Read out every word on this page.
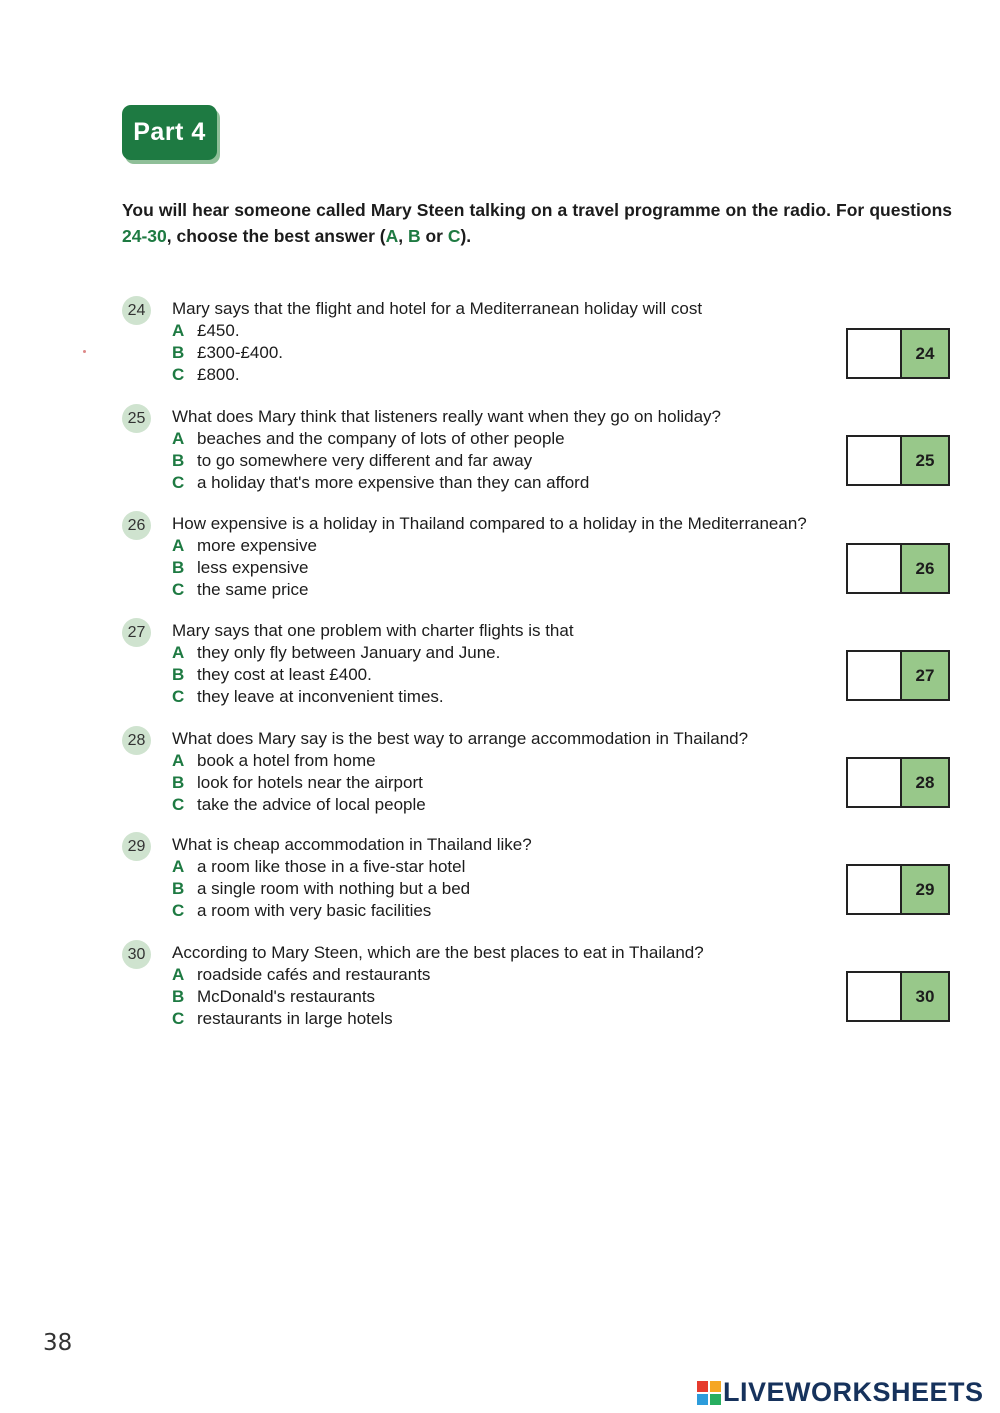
Part 4
You will hear someone called Mary Steen talking on a travel programme on the radio. For questions 24-30, choose the best answer (A, B or C).
24	Mary says that the flight and hotel for a Mediterranean holiday will cost
A £450.
B £300-£400.
C £800.
24
25	What does Mary think that listeners really want when they go on holiday?
A beaches and the company of lots of other people
B to go somewhere very different and far away
C a holiday that's more expensive than they can afford
25
26	How expensive is a holiday in Thailand compared to a holiday in the Mediterranean?
A more expensive
B less expensive
C the same price
26
27	Mary says that one problem with charter flights is that
A they only fly between January and June.
B they cost at least £400.
C they leave at inconvenient times.
27
28	What does Mary say is the best way to arrange accommodation in Thailand?
A book a hotel from home
B look for hotels near the airport
C take the advice of local people
28
29	What is cheap accommodation in Thailand like?
A a room like those in a five-star hotel
B a single room with nothing but a bed
C a room with very basic facilities
29
30	According to Mary Steen, which are the best places to eat in Thailand?
A roadside cafés and restaurants
B McDonald's restaurants
C restaurants in large hotels
30
38
LIVEWORKSHEETS
